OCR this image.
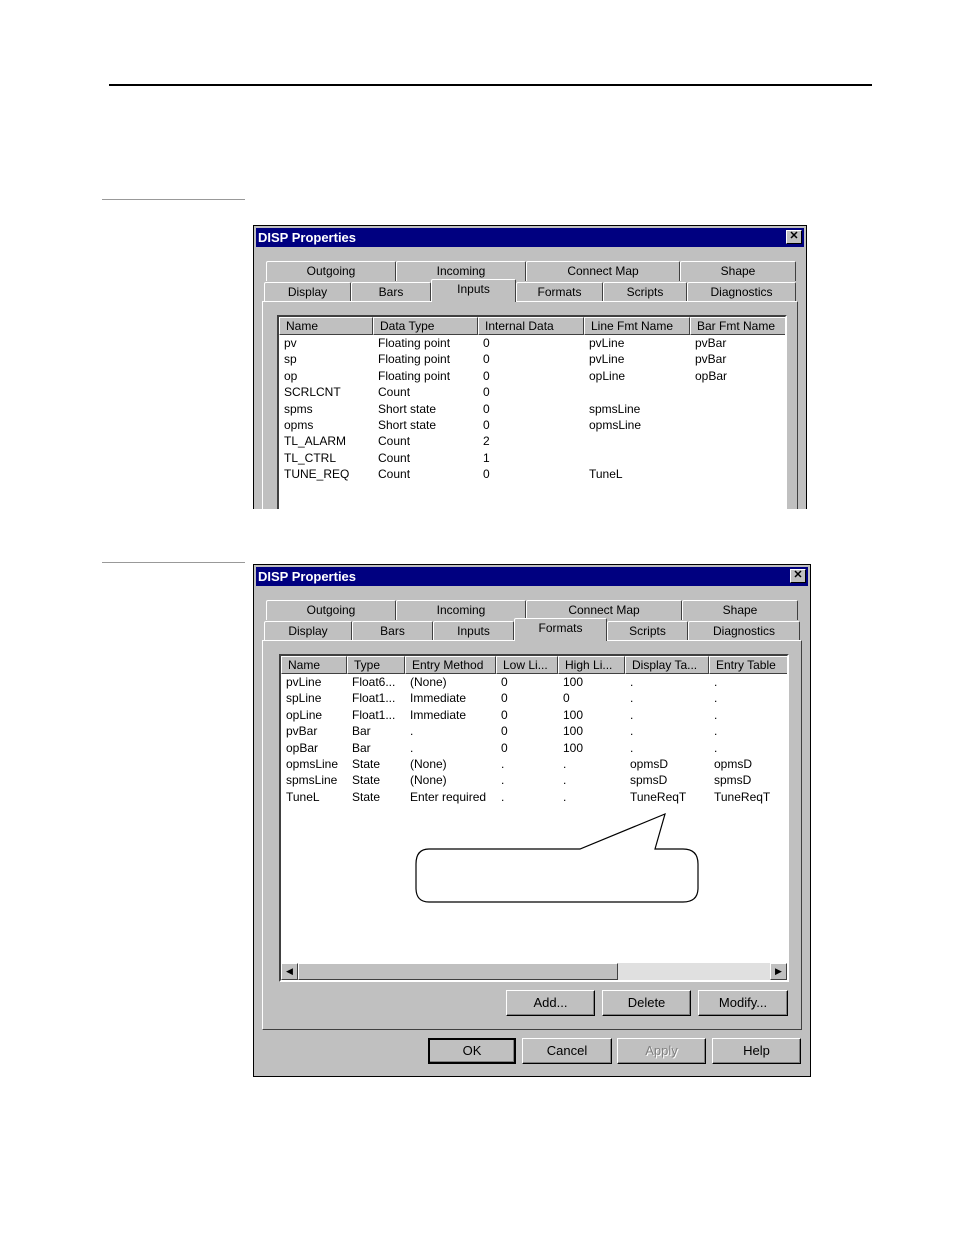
DISP Properties	✕
Outgoing	Incoming	Connect Map	Shape
Display	Bars	Inputs	Formats	Scripts	Diagnostics
Name	Data Type	Internal Data	Line Fmt Name	Bar Fmt Name
pv	Floating point	0	pvLine	pvBar
sp	Floating point	0	pvLine	pvBar
op	Floating point	0	opLine	opBar
SCRLCNT	Count	0
spms	Short state	0	spmsLine
opms	Short state	0	opmsLine
TL_ALARM	Count	2
TL_CTRL	Count	1
TUNE_REQ	Count	0	TuneL
DISP Properties	✕
Outgoing	Incoming	Connect Map	Shape
Display	Bars	Inputs	Formats	Scripts	Diagnostics
Name	Type	Entry Method	Low Li...	High Li...	Display Ta...	Entry Table
pvLine	Float6...	(None)	0	100	.	.
spLine	Float1...	Immediate	0	0	.	.
opLine	Float1...	Immediate	0	100	.	.
pvBar	Bar	.	0	100	.	.
opBar	Bar	.	0	100	.	.
opmsLine	State	(None)	.	.	opmsD	opmsD
spmsLine	State	(None)	.	.	spmsD	spmsD
TuneL	State	Enter required	.	.	TuneReqT	TuneReqT
◀	▶
Add...	Delete	Modify...
OK	Cancel	Apply	Help
